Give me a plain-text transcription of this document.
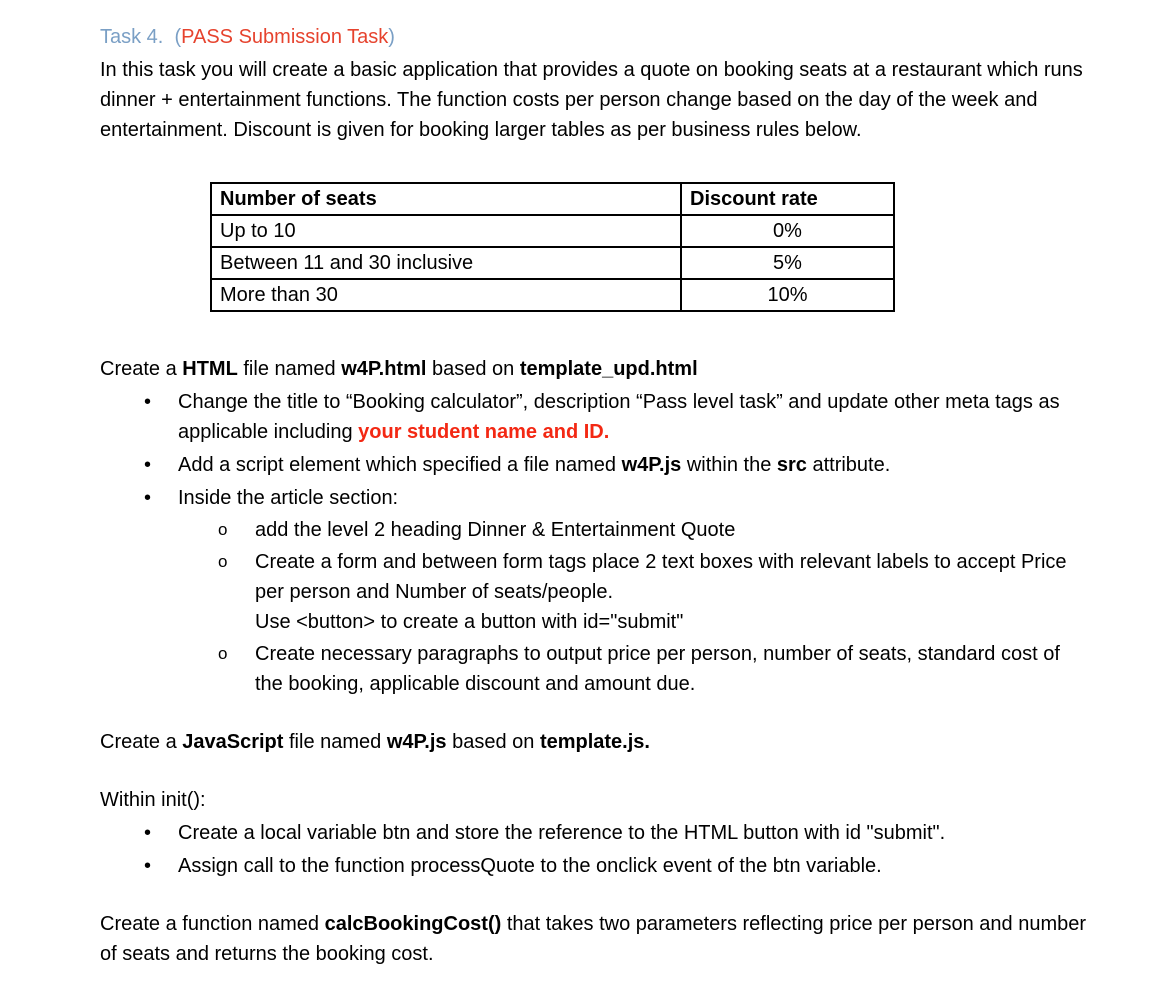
Task 4.  (PASS Submission Task)

In this task you will create a basic application that provides a quote on booking seats at a restaurant which runs dinner + entertainment functions. The function costs per person change based on the day of the week and entertainment. Discount is given for booking larger tables as per business rules below.

Number of seats	Discount rate
Up to 10	0%
Between 11 and 30 inclusive	5%
More than 30	10%

Create a HTML file named w4P.html based on template_upd.html

• Change the title to “Booking calculator”, description “Pass level task” and update other meta tags as applicable including your student name and ID.
• Add a script element which specified a file named w4P.js within the src attribute.
• Inside the article section:
o add the level 2 heading Dinner & Entertainment Quote
o Create a form and between form tags place 2 text boxes with relevant labels to accept Price per person and Number of seats/people.
Use <button> to create a button with id="submit"
o Create necessary paragraphs to output price per person, number of seats, standard cost of the booking, applicable discount and amount due.

Create a JavaScript file named w4P.js based on template.js.

Within init():

• Create a local variable btn and store the reference to the HTML button with id "submit".
• Assign call to the function processQuote to the onclick event of the btn variable.

Create a function named calcBookingCost() that takes two parameters reflecting price per person and number of seats and returns the booking cost.
